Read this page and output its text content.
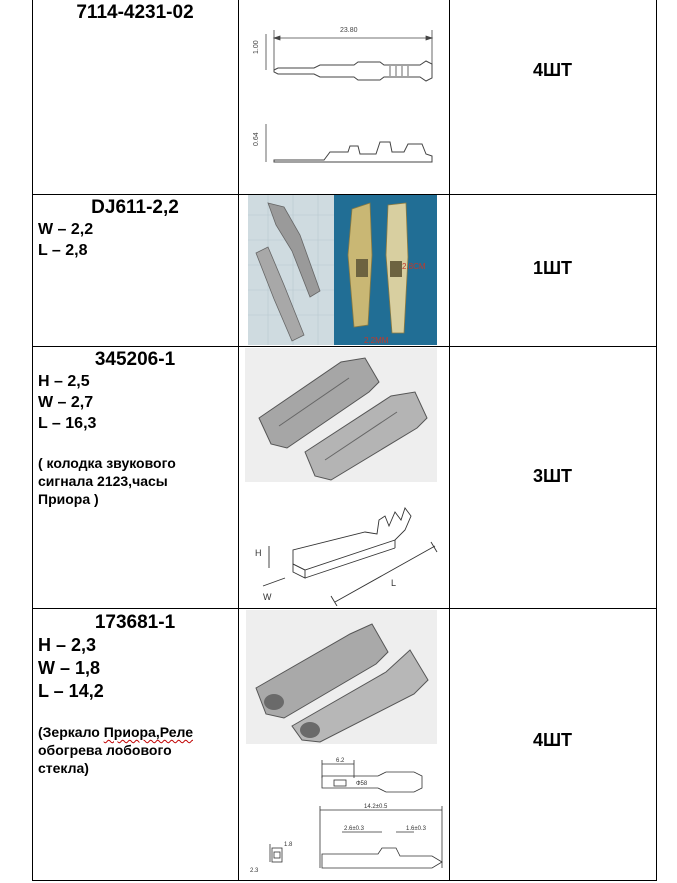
7114-4231-02
23.80
1.00
0.64
4ШТ
DJ611-2,2
W – 2,2
L – 2,8
2.8CM
2.2MM
1ШТ
345206-1
H – 2,5
W – 2,7
L – 16,3
( колодка звукового
сигнала 2123,часы
Приора )
H
W
L
3ШТ
173681-1
H – 2,3
W – 1,8
L – 14,2
(Зеркало Приора,Реле
обогрева лобового
стекла)	6.2
Ф58
14.2±0.5
2.6±0.3	1.6±0.3
1.8
2.3
4ШТ
